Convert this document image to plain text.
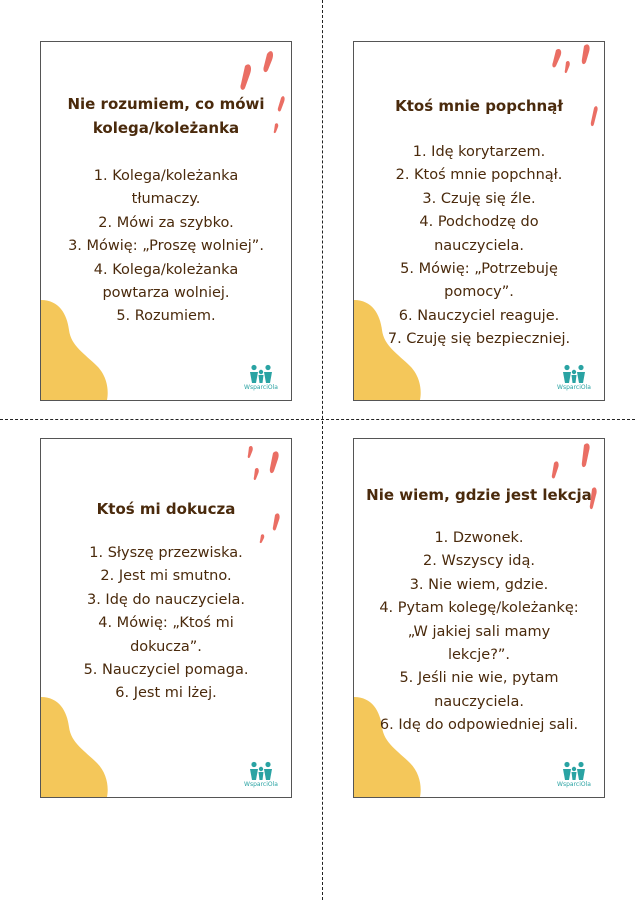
Nie rozumiem, co mówi
kolega/koleżanka
1. Kolega/koleżanka
tłumaczy.
2. Mówi za szybko.
3. Mówię: „Proszę wolniej”.
4. Kolega/koleżanka
powtarza wolniej.
5. Rozumiem.
WsparciOla
Ktoś mnie popchnął
1. Idę korytarzem.
2. Ktoś mnie popchnął.
3. Czuję się źle.
4. Podchodzę do
nauczyciela.
5. Mówię: „Potrzebuję
pomocy”.
6. Nauczyciel reaguje.
7. Czuję się bezpieczniej.
WsparciOla
Ktoś mi dokucza
1. Słyszę przezwiska.
2. Jest mi smutno.
3. Idę do nauczyciela.
4. Mówię: „Ktoś mi
dokucza”.
5. Nauczyciel pomaga.
6. Jest mi lżej.
WsparciOla
Nie wiem, gdzie jest lekcja
1. Dzwonek.
2. Wszyscy idą.
3. Nie wiem, gdzie.
4. Pytam kolegę/koleżankę:
„W jakiej sali mamy
lekcje?”.
5. Jeśli nie wie, pytam
nauczyciela.
6. Idę do odpowiedniej sali.
WsparciOla
